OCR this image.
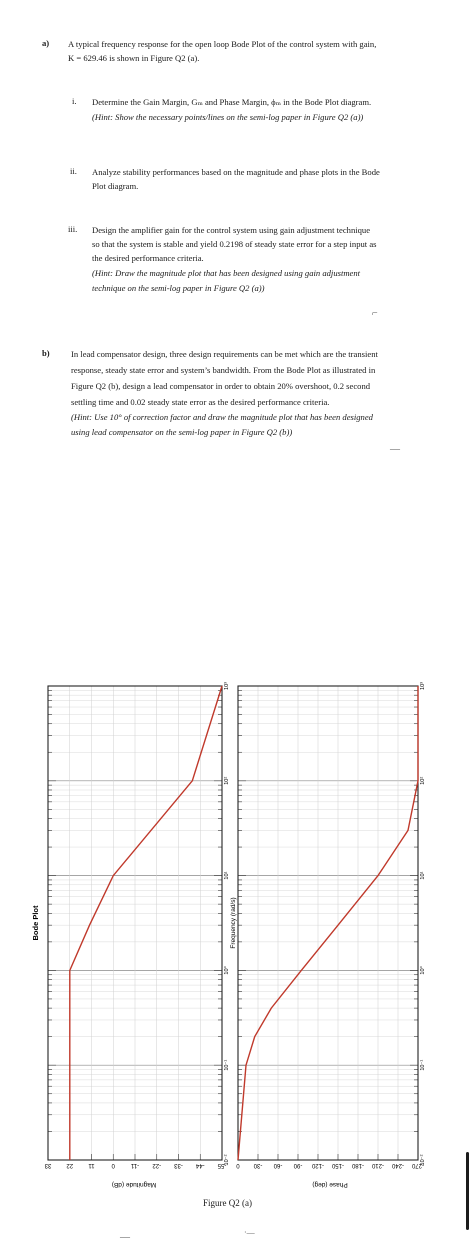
a) A typical frequency response for the open loop Bode Plot of the control system with gain,
K = 629.46 is shown in Figure Q2 (a).
i. Determine the Gain Margin, Gₘ and Phase Margin, ϕₘ in the Bode Plot diagram.
(Hint: Show the necessary points/lines on the semi-log paper in Figure Q2 (a))
ii. Analyze stability performances based on the magnitude and phase plots in the Bode
Plot diagram.
iii. Design the amplifier gain for the control system using gain adjustment technique
so that the system is stable and yield 0.2198 of steady state error for a step input as
the desired performance criteria.
(Hint: Draw the magnitude plot that has been designed using gain adjustment
technique on the semi-log paper in Figure Q2 (a))
⌐
b) In lead compensator design, three design requirements can be met which are the transient
response, steady state error and system’s bandwidth. From the Bode Plot as illustrated in
Figure Q2 (b), design a lead compensator in order to obtain 20% overshoot, 0.2 second
settling time and 0.02 steady state error as the desired performance criteria.
(Hint: Use 10° of correction factor and draw the magnitude plot that has been designed
using lead compensator on the semi-log paper in Figure Q2 (b))
—
33	22	11	0	-11 -22 -33 -44 -55 0 -30 -60 -90 -120 -150 -180 -210 -240 -270
10⁻²	10⁻²
10⁻¹	10⁻¹
10⁰	10⁰
10¹	10¹
10²	10²
10³	10³
Bode Plot	Frequency (rad/s)
Magnitude (dB)	Phase (deg)
Figure Q2 (a)
—	·—
